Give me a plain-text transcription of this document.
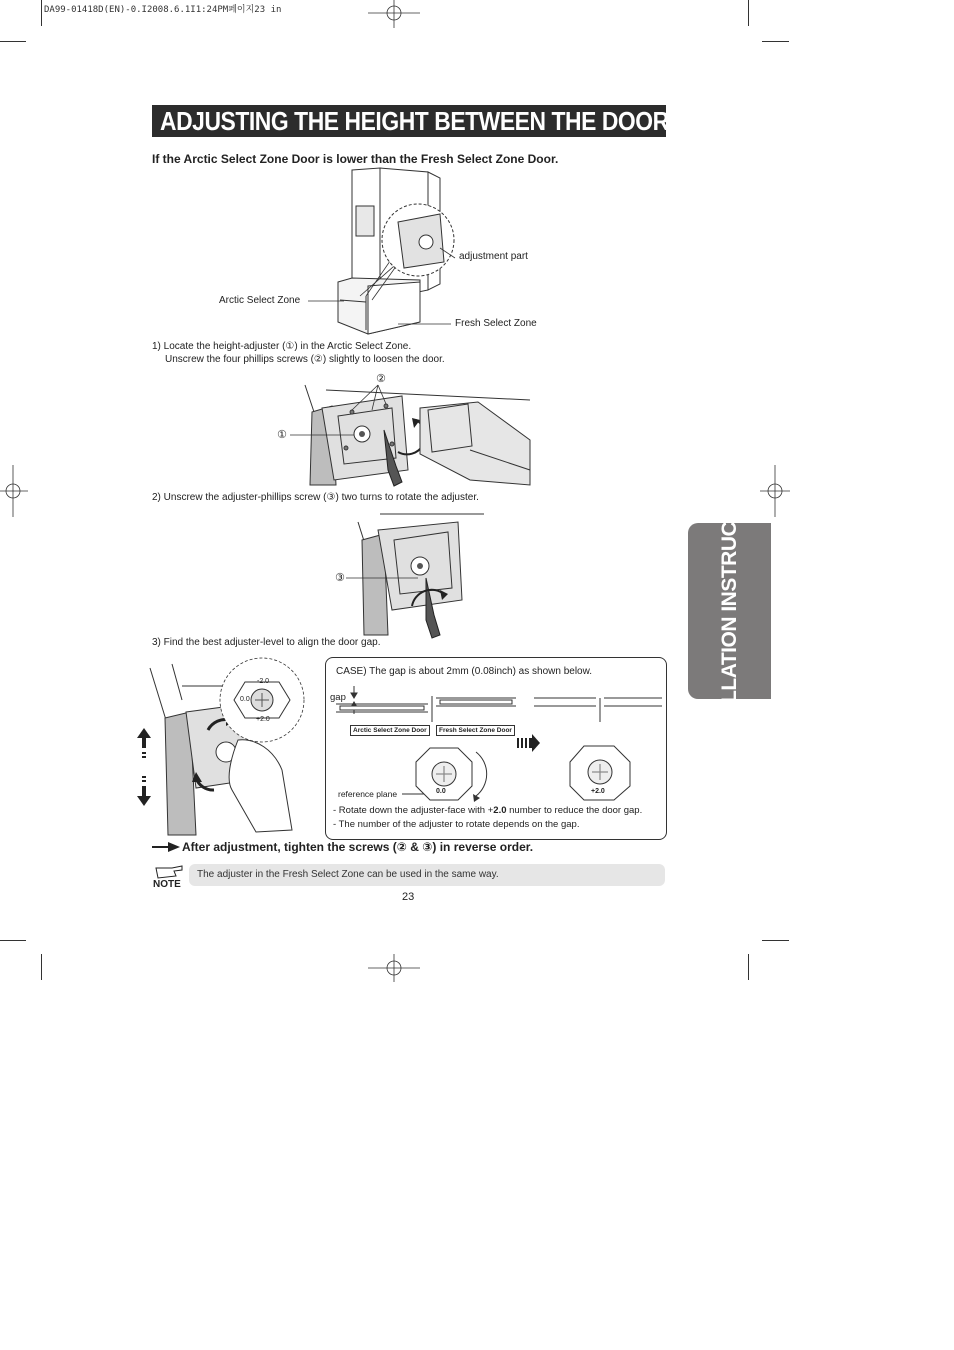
DA99-01418D(EN)-0.I2008.6.1I1:24PM페이지23 in
ADJUSTING THE HEIGHT BETWEEN THE DOORS
INSTALLATION INSTRUCTIONS
If the Arctic Select Zone Door is lower than the Fresh Select Zone Door.
adjustment part
Arctic Select Zone
Fresh Select Zone
1) Locate the height-adjuster (①) in the Arctic Select Zone.
Unscrew the four phillips screws (②) slightly to loosen the door.
②
①
2) Unscrew the adjuster-phillips screw (③) two turns to rotate the adjuster.
③
3) Find the best adjuster-level to align the door gap.
-2.0
0.0
+2.0
CASE) The gap is about 2mm (0.08inch) as shown below.
gap
Arctic Select Zone Door	Fresh Select Zone Door
0.0	+2.0
reference plane
- Rotate down the adjuster-face with +2.0 number to reduce the door gap.
- The number of the adjuster to rotate depends on the gap.
After adjustment, tighten the screws (② & ③) in reverse order.
NOTE
The adjuster in the Fresh Select Zone can be used in the same way.
23
